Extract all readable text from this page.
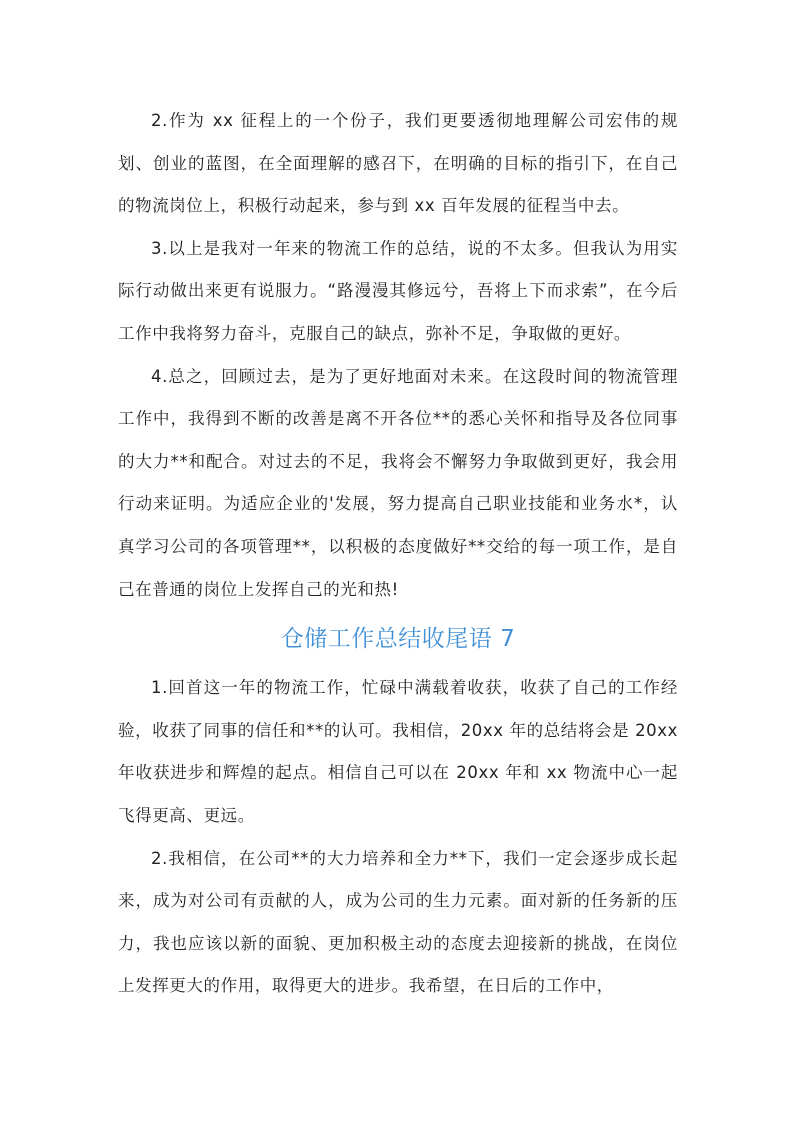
2.作为 xx 征程上的一个份子，我们更要透彻地理解公司宏伟的规划、创业的蓝图，在全面理解的感召下，在明确的目标的指引下，在自己的物流岗位上，积极行动起来，参与到 xx 百年发展的征程当中去。

3.以上是我对一年来的物流工作的总结，说的不太多。但我认为用实际行动做出来更有说服力。“路漫漫其修远兮，吾将上下而求索”，在今后工作中我将努力奋斗，克服自己的缺点，弥补不足，争取做的更好。

4.总之，回顾过去，是为了更好地面对未来。在这段时间的物流管理工作中，我得到不断的改善是离不开各位**的悉心关怀和指导及各位同事的大力**和配合。对过去的不足，我将会不懈努力争取做到更好，我会用行动来证明。为适应企业的'发展，努力提高自己职业技能和业务水*，认真学习公司的各项管理**，以积极的态度做好**交给的每一项工作，是自己在普通的岗位上发挥自己的光和热!

仓储工作总结收尾语 7

1.回首这一年的物流工作，忙碌中满载着收获，收获了自己的工作经验，收获了同事的信任和**的认可。我相信，20xx 年的总结将会是 20xx 年收获进步和辉煌的起点。相信自己可以在 20xx 年和 xx 物流中心一起飞得更高、更远。

2.我相信，在公司**的大力培养和全力**下，我们一定会逐步成长起来，成为对公司有贡献的人，成为公司的生力元素。面对新的任务新的压力，我也应该以新的面貌、更加积极主动的态度去迎接新的挑战，在岗位上发挥更大的作用，取得更大的进步。我希望，在日后的工作中，
